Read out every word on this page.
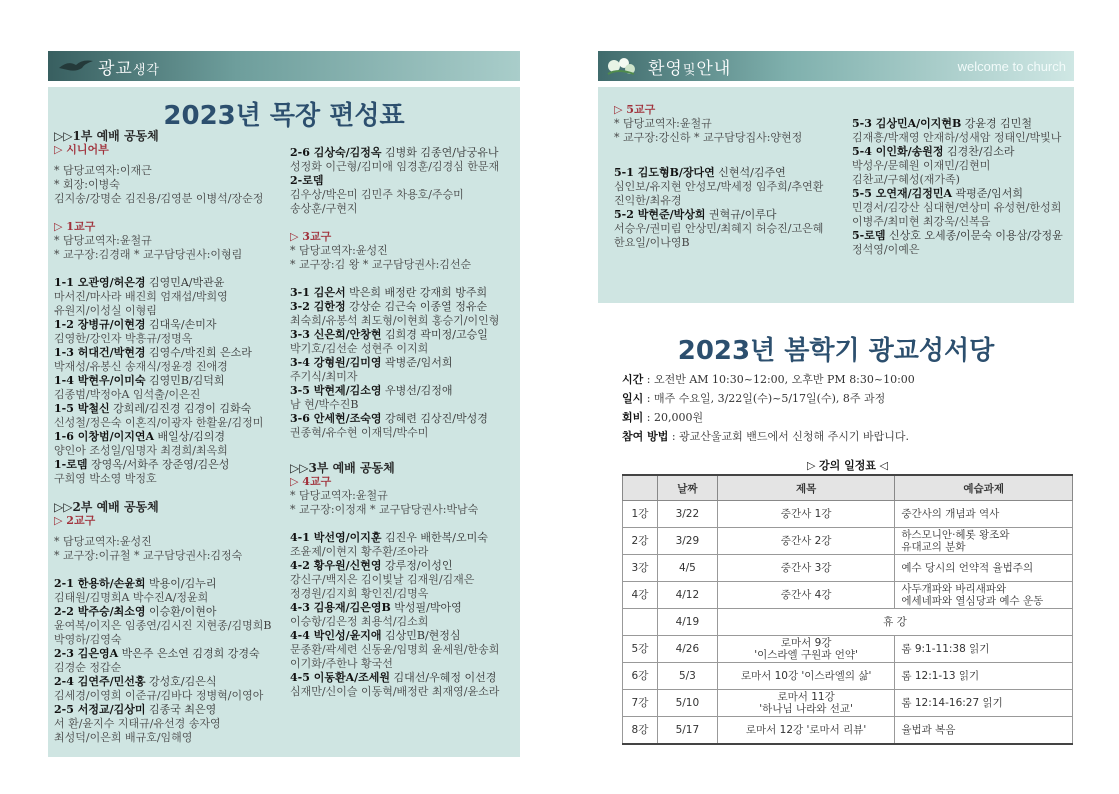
광교생각
2023년 목장 편성표
▷▷1부 예배 공동체
▷ 시니어부
* 담당교역자:이재근
* 회장:이병숙
김지송/강명순 김진용/김영분 이병석/장순정
▷ 1교구
* 담당교역자:윤철규
* 교구장:김경래 * 교구담당권사:이형림
1-1 오관영/허은경 김영민A/박관윤
마서진/마사라 배진희 엄재섭/박희영
유원지/이성실 이형림
1-2 장병규/이현경 김대욱/손미자
김영한/강인자 박흥규/정명옥
1-3 허대건/박현경 김영수/박진희 은소라
박재성/유봉신 송재식/정윤경 진애경
1-4 박현우/이미숙 김영민B/김덕희
김종범/박정아A 임석출/이은진
1-5 박철신 강희레/김진경 김경이 김화숙
신성철/정은숙 이혼직/이광자 한활윤/김정미
1-6 이창범/이지연A 배일상/김의경
양인아 조성일/임명자 최경희/최옥희
1-로뎀 장영옥/서화주 장준영/김은성
구희영 박소영 박정호
▷▷2부 예배 공동체
▷ 2교구
* 담당교역자:윤성진
* 교구장:이규철 * 교구담당권사:김정숙
2-1 한용하/손윤희 박용이/김누리
김태원/김명희A 박수진A/정윤희
2-2 박주승/최소영 이승환/이현아
윤여복/이지은 임종연/김시진 지현종/김명희B
박영하/김영숙
2-3 김은영A 박은주 은소연 김경희 강경숙
김경순 정갑순
2-4 김연주/민선홍 강성호/김은식
김세경/이영희 이준규/김바다 정병혁/이영아
2-5 서정교/김상미 김종국 최은영
서 환/윤지수 지태규/유선경 송자영
최성덕/이은희 배규호/임해영
2-6 김상숙/김정옥 김병화 김종연/남궁유나
성정화 이근형/김미애 임경훈/김경심 한문재
2-로뎀
김우상/박은미 김민주 차용호/주승미
송상훈/구현지
▷ 3교구
* 담당교역자:윤성진
* 교구장:김 왕 * 교구담당권사:김선순
3-1 김은서 박은희 배정란 강재희 방주희
3-2 김한정 강상순 김근숙 이종열 정유순
최숙희/유봉석 최도형/이현희 홍승기/이인형
3-3 신은희/안창현 김희경 곽미정/고승일
박기호/김선순 성현주 이지희
3-4 강형원/김미영 곽병준/임서희
주기식/최미자
3-5 박현제/김소영 우병선/김정애
남 현/박수진B
3-6 안세현/조숙영 강혜련 김상진/박성경
권종혁/유수현 이재덕/박수미
▷▷3부 예배 공동체
▷ 4교구
* 담당교역자:윤철규
* 교구장:이정재 * 교구담당권사:박남숙
4-1 박선영/이지훈 김진우 배한복/오미숙
조윤제/이현지 황주환/조아라
4-2 황우원/신현영 강루정/이성인
강신구/백지은 김이빛날 김재원/김재은
정경원/김지희 황인진/김명옥
4-3 김용재/김은영B 박성필/박아영
이승항/김은정 최용석/김소희
4-4 박인성/윤지애 김상민B/현정심
문종환/곽세련 신동윤/임명희 윤세원/한송희
이기화/주한나 황국선
4-5 이동환A/조세원 김대선/우혜정 이선경
심재만/신이슬 이동혁/배정란 최재영/윤소라
환영및안내	welcome to church
▷ 5교구
* 담당교역자:윤철규
* 교구장:강신하 * 교구담당집사:양현정
5-1 김도형B/장다연 신현석/김주연
심인보/유지현 안성모/박세정 임주희/추연환
진익한/최유경
5-2 박현준/박상희 권혁규/이루다
서승우/권미림 안상민/최혜지 허승진/고은혜
한요일/이나영B
5-3 김상민A/이지현B 강윤경 김민철
김재흥/박재영 안재하/성새암 정태인/박빛나
5-4 이인화/송원정 김경찬/김소라
박성우/문혜원 이재민/김현미
김찬교/구혜성(재가족)
5-5 오연재/김정민A 곽평준/임서희
민경서/김강산 심대현/연상미 유성현/한성희
이병주/최미현 최강욱/신복음
5-로뎀 신상호 오세종/이문숙 이용삼/강정윤
정석영/이예은
2023년 봄학기 광교성서당
시간 : 오전반 AM 10:30~12:00, 오후반 PM 8:30~10:00
일시 : 매주 수요일, 3/22일(수)~5/17일(수), 8주 과정
회비 : 20,000원
참여 방법 : 광교산울교회 밴드에서 신청해 주시기 바랍니다.
▷ 강의 일정표 ◁
	날짜	제목	예습과제
1강	3/22	중간사 1강	중간사의 개념과 역사
2강	3/29	중간사 2강	하스모니안·헤롯 왕조와
유대교의 분화
3강	4/5	중간사 3강	예수 당시의 언약적 율법주의
4강	4/12	중간사 4강	사두개파와 바리새파와
에세네파와 열심당과 예수 운동
	4/19	휴 강	
5강	4/26	로마서 9강
'이스라엘 구원과 언약'	롬 9:1-11:38 읽기
6강	5/3	로마서 10강 '이스라엘의 삶'	롬 12:1-13 읽기
7강	5/10	로마서 11강
'하나님 나라와 선교'	롬 12:14-16:27 읽기
8강	5/17	로마서 12강 '로마서 리뷰'	율법과 복음
